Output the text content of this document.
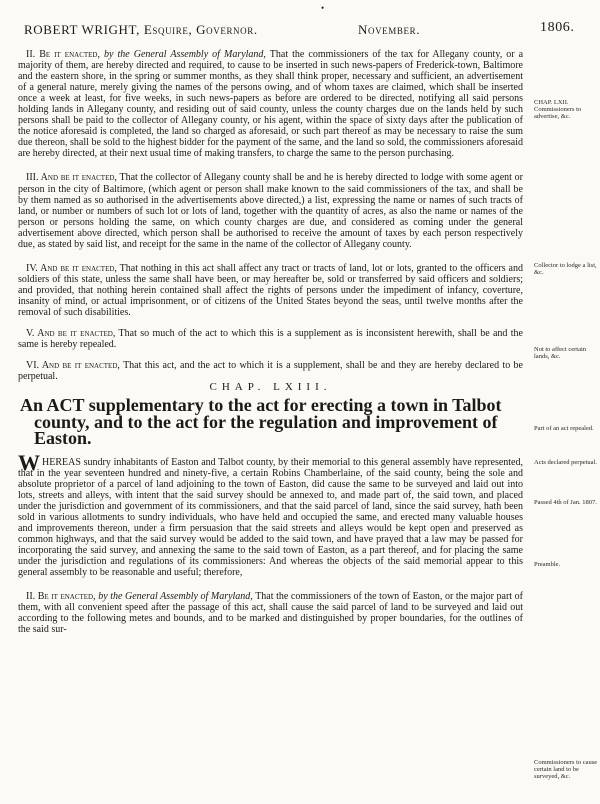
•
ROBERT WRIGHT, Esquire, Governor.	November.	1806.

II. Be it enacted, by the General Assembly of Maryland, That the commissioners of the tax for Allegany county, or a majority of them, are hereby directed and required, to cause to be inserted in such news-papers of Frederick-town, Baltimore and the eastern shore, in the spring or summer months, as they shall think proper, necessary and sufficient, an advertisement of a general nature, merely giving the names of the persons owing, and of whom taxes are claimed, which shall be inserted once a week at least, for five weeks, in such news-papers as before are ordered to be directed, notifying all said persons holding lands in Allegany county, and residing out of said county, unless the county charges due on the lands held by such persons shall be paid to the collector of Allegany county, or his agent, within the space of sixty days after the publication of the notice aforesaid is completed, the land so charged as aforesaid, or such part thereof as may be necessary to raise the sum due thereon, shall be sold to the highest bidder for the payment of the same, and the land so sold, the commissioners aforesaid are hereby directed, at their next usual time of making transfers, to charge the same to the person purchasing.

III. And be it enacted, That the collector of Allegany county shall be and he is hereby directed to lodge with some agent or person in the city of Baltimore, (which agent or person shall make known to the said commissioners of the tax, and shall be by them named as so authorised in the advertisements above directed,) a list, expressing the name or names of such tracts of land, or number or numbers of such lot or lots of land, together with the quantity of acres, as also the name or names of the person or persons holding the same, on which county charges are due, and considered as coming under the general advertisement above directed, which person shall be authorised to receive the amount of taxes by each person respectively due, as stated by said list, and receipt for the same in the name of the collector of Allegany county.

IV. And be it enacted, That nothing in this act shall affect any tract or tracts of land, lot or lots, granted to the officers and soldiers of this state, unless the same shall have been, or may hereafter be, sold or transferred by said officers and soldiers; and provided, that nothing herein contained shall affect the rights of persons under the impediment of infancy, coverture, insanity of mind, or actual imprisonment, or of citizens of the United States beyond the seas, until twelve months after the removal of such disabilities.

V. And be it enacted, That so much of the act to which this is a supplement as is inconsistent herewith, shall be and the same is hereby repealed.

VI. And be it enacted, That this act, and the act to which it is a supplement, shall be and they are hereby declared to be perpetual.

CHAP. LXIII.

An ACT supplementary to the act for erecting a town in Talbot
county, and to the act for the regulation and improvement of
Easton.

WHEREAS sundry inhabitants of Easton and Talbot county, by their memorial to this general assembly have represented, that in the year seventeen hundred and ninety-five, a certain Robins Chamberlaine, of the said county, being the sole and absolute proprietor of a parcel of land adjoining to the town of Easton, did cause the same to be surveyed and laid out into lots, streets and alleys, with intent that the said survey should be annexed to, and made part of, the said town, and placed under the jurisdiction and government of its commissioners, and that the said parcel of land, since the said survey, hath been sold in various allotments to sundry individuals, who have held and occupied the same, and erected many valuable houses and improvements thereon, under a firm persuasion that the said streets and alleys would be kept open and preserved as common highways, and that the said survey would be added to the said town, and have prayed that a law may be passed for incorporating the said survey, and annexing the same to the said town of Easton, as a part thereof, and for placing the same under the jurisdiction and regulations of its commissioners: And whereas the objects of the said memorial appear to this general assembly to be reasonable and useful; therefore,

II. Be it enacted, by the General Assembly of Maryland, That the commissioners of the town of Easton, or the major part of them, with all convenient speed after the passage of this act, shall cause the said parcel of land to be surveyed and laid out according to the following metes and bounds, and to be marked and distinguished by proper boundaries, for the outlines of the said sur-

CHAP. LXII. Commissioners to advertise, &c.
Collector to lodge a list, &c.
Not to affect certain lands, &c.
Part of an act repealed.
Acts declared perpetual.
Passed 4th of Jan. 1807.
Preamble.
Commissioners to cause certain land to be surveyed, &c.
